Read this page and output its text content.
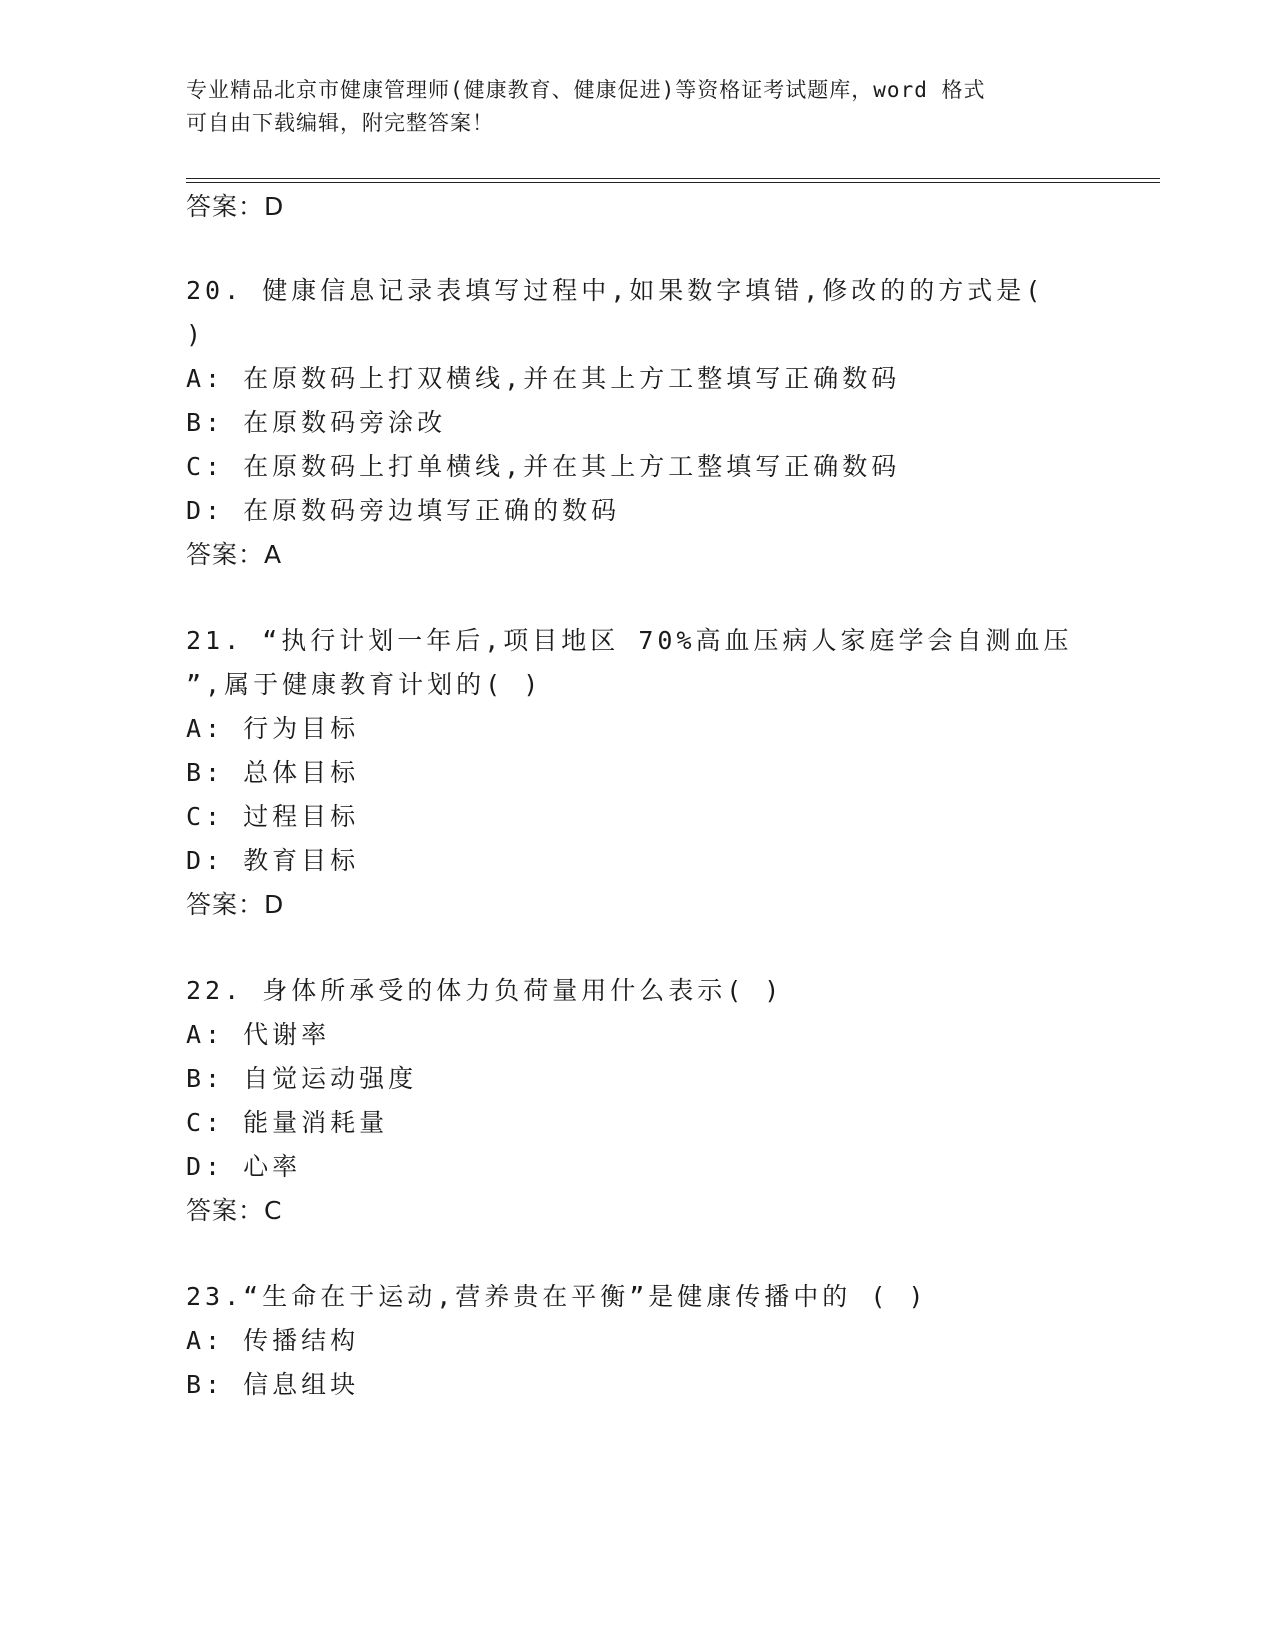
专业精品北京市健康管理师(健康教育、健康促进)等资格证考试题库，word 格式
可自由下载编辑，附完整答案！
答案：D
20. 健康信息记录表填写过程中,如果数字填错,修改的的方式是(
)
A: 在原数码上打双横线,并在其上方工整填写正确数码
B: 在原数码旁涂改
C: 在原数码上打单横线,并在其上方工整填写正确数码
D: 在原数码旁边填写正确的数码
答案：A
21. “执行计划一年后,项目地区 70%高血压病人家庭学会自测血压
”,属于健康教育计划的( )
A: 行为目标
B: 总体目标
C: 过程目标
D: 教育目标
答案：D
22. 身体所承受的体力负荷量用什么表示( )
A: 代谢率
B: 自觉运动强度
C: 能量消耗量
D: 心率
答案：C
23.“生命在于运动,营养贵在平衡”是健康传播中的 ( )
A: 传播结构
B: 信息组块
